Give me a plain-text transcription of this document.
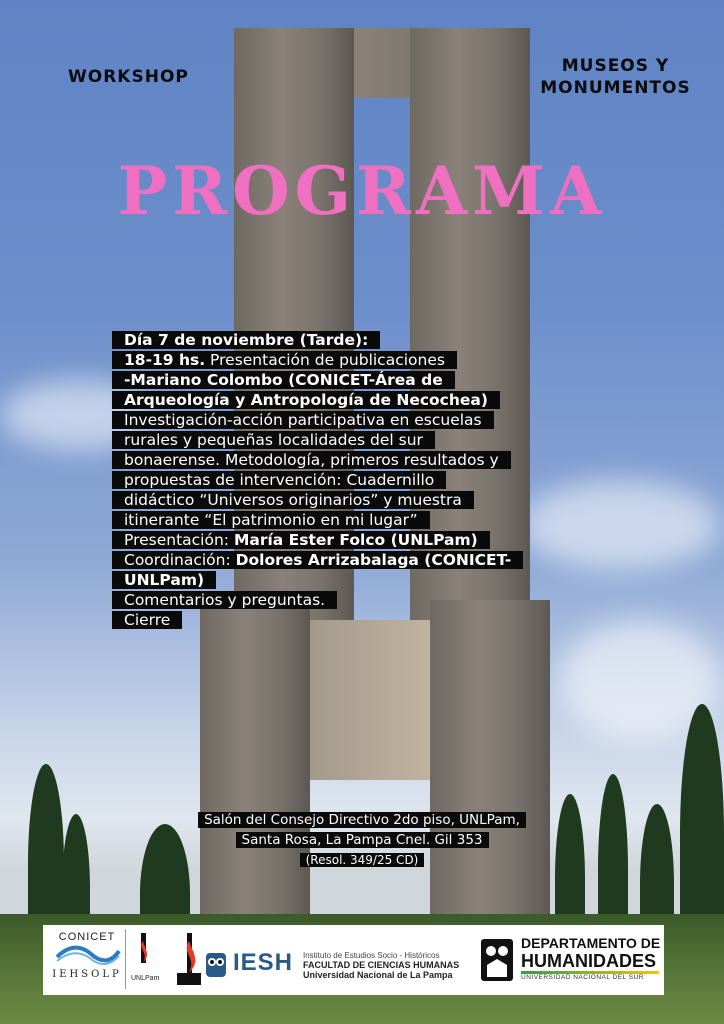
WORKSHOP
MUSEOS Y
MONUMENTOS
PROGRAMA
Día 7 de noviembre (Tarde):
18-19 hs. Presentación de publicaciones
-Mariano Colombo (CONICET-Área de
Arqueología y Antropología de Necochea)
Investigación-acción participativa en escuelas
rurales y pequeñas localidades del sur
bonaerense. Metodología, primeros resultados y
propuestas de intervención: Cuadernillo
didáctico “Universos originarios” y muestra
itinerante “El patrimonio en mi lugar”
Presentación: María Ester Folco (UNLPam)
Coordinación: Dolores Arrizabalaga (CONICET-
UNLPam)
Comentarios y preguntas.
Cierre
Salón del Consejo Directivo 2do piso, UNLPam,
Santa Rosa, La Pampa Cnel. Gil 353
(Resol. 349/25 CD)
CONICET
IEHSOLP UNLPam
IESH	Instituto de Estudios Socio - Históricos
FACULTAD DE CIENCIAS HUMANAS
Universidad Nacional de La Pampa
DEPARTAMENTO DE
HUMANIDADES
UNIVERSIDAD NACIONAL DEL SUR
